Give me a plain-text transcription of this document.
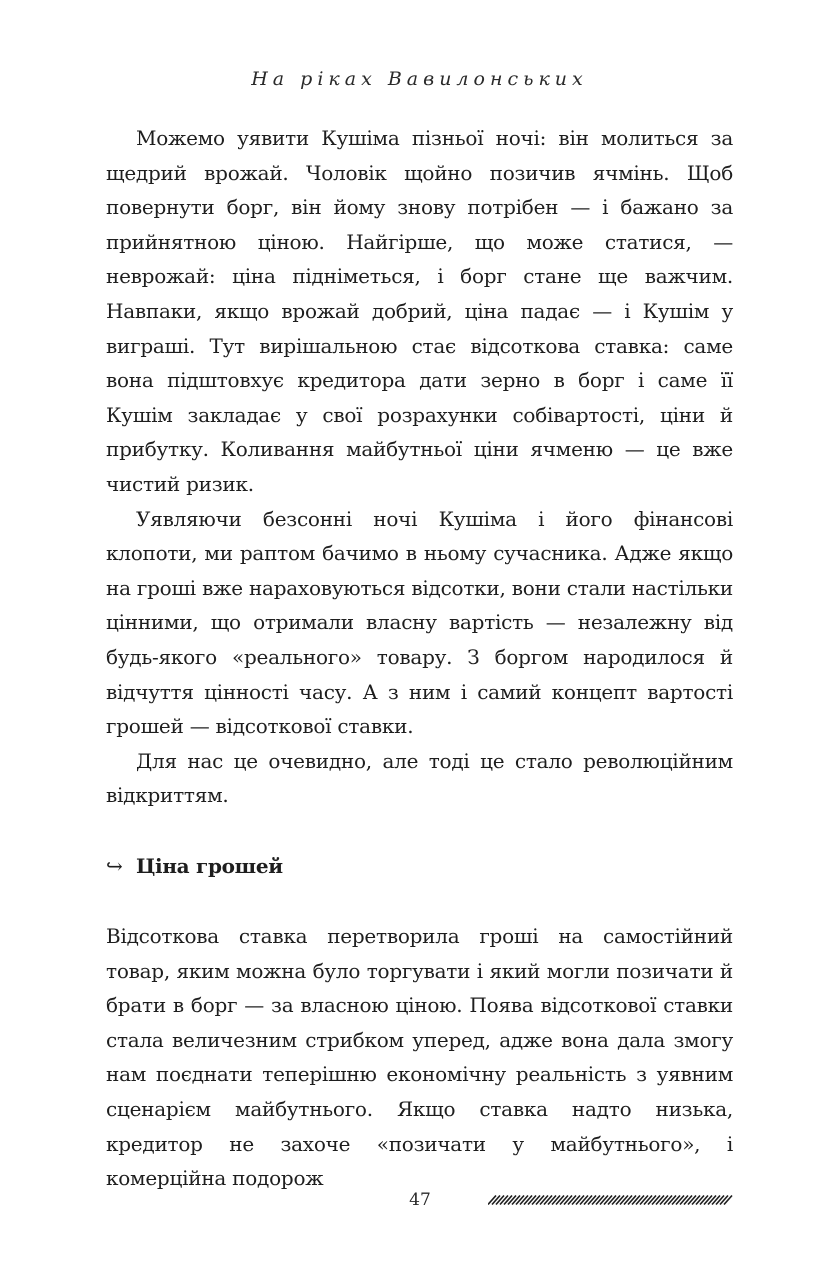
На ріках Вавилонських

Можемо уявити Кушіма пізньої ночі: він молиться за щедрий врожай. Чоловік щойно позичив ячмінь. Щоб повернути борг, він йому знову потрібен — і бажано за прийнятною ціною. Найгірше, що може статися, — неврожай: ціна підніметься, і борг стане ще важчим. Навпаки, якщо врожай добрий, ціна падає — і Кушім у виграші. Тут вирішальною стає відсоткова ставка: саме вона підштовхує кредитора дати зерно в борг і саме її Кушім закладає у свої розрахунки собівартості, ціни й прибутку. Коливання майбутньої ціни ячменю — це вже чистий ризик.

Уявляючи безсонні ночі Кушіма і його фінансові клопоти, ми раптом бачимо в ньому сучасника. Адже якщо на гроші вже нараховуються відсотки, вони стали настільки цінними, що отримали власну вартість — незалежну від будь-якого «реального» товару. З боргом народилося й відчуття цінності часу. А з ним і самий концепт вартості грошей — відсоткової ставки.

Для нас це очевидно, але тоді це стало революційним відкриттям.

↪ Ціна грошей

Відсоткова ставка перетворила гроші на самостійний товар, яким можна було торгувати і який могли позичати й брати в борг — за власною ціною. Поява відсоткової ставки стала величезним стрибком уперед, адже вона дала змогу нам поєднати теперішню економічну реальність з уявним сценарієм майбутнього. Якщо ставка надто низька, кредитор не захоче «позичати у майбутнього», і комерційна подорож

47
